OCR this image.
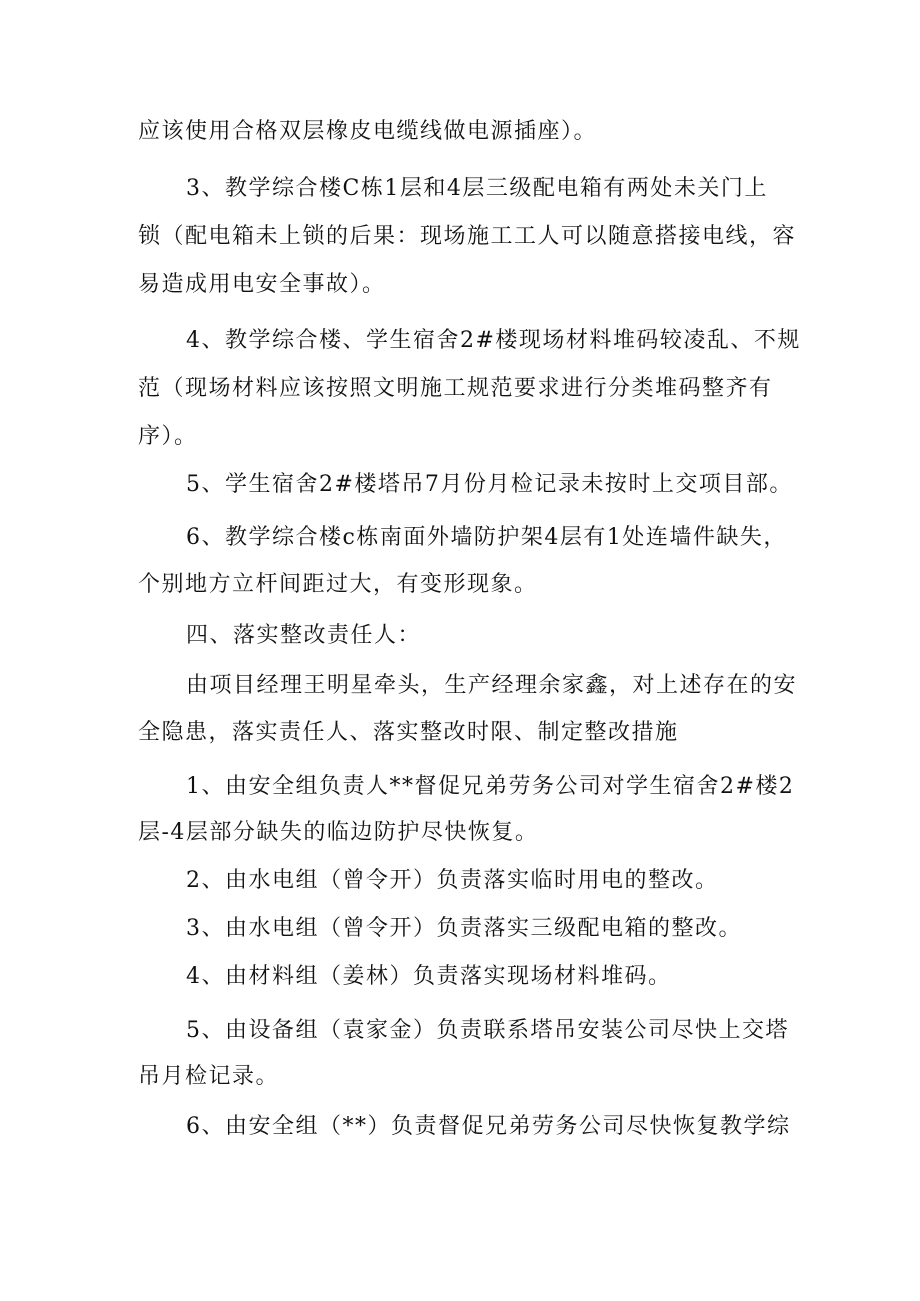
应该使用合格双层橡皮电缆线做电源插座）。
3、教学综合楼C栋1层和4层三级配电箱有两处未关门上
锁（配电箱未上锁的后果：现场施工工人可以随意搭接电线，容
易造成用电安全事故）。
4、教学综合楼、学生宿舍2#楼现场材料堆码较凌乱、不规
范（现场材料应该按照文明施工规范要求进行分类堆码整齐有
序）。
5、学生宿舍2#楼塔吊7月份月检记录未按时上交项目部。
6、教学综合楼c栋南面外墙防护架4层有1处连墙件缺失，
个别地方立杆间距过大，有变形现象。
四、落实整改责任人：
由项目经理王明星牵头，生产经理余家鑫，对上述存在的安
全隐患，落实责任人、落实整改时限、制定整改措施
1、由安全组负责人**督促兄弟劳务公司对学生宿舍2#楼2
层-4层部分缺失的临边防护尽快恢复。
2、由水电组（曾令开）负责落实临时用电的整改。
3、由水电组（曾令开）负责落实三级配电箱的整改。
4、由材料组（姜林）负责落实现场材料堆码。
5、由设备组（袁家金）负责联系塔吊安装公司尽快上交塔
吊月检记录。
6、由安全组（**）负责督促兄弟劳务公司尽快恢复教学综
